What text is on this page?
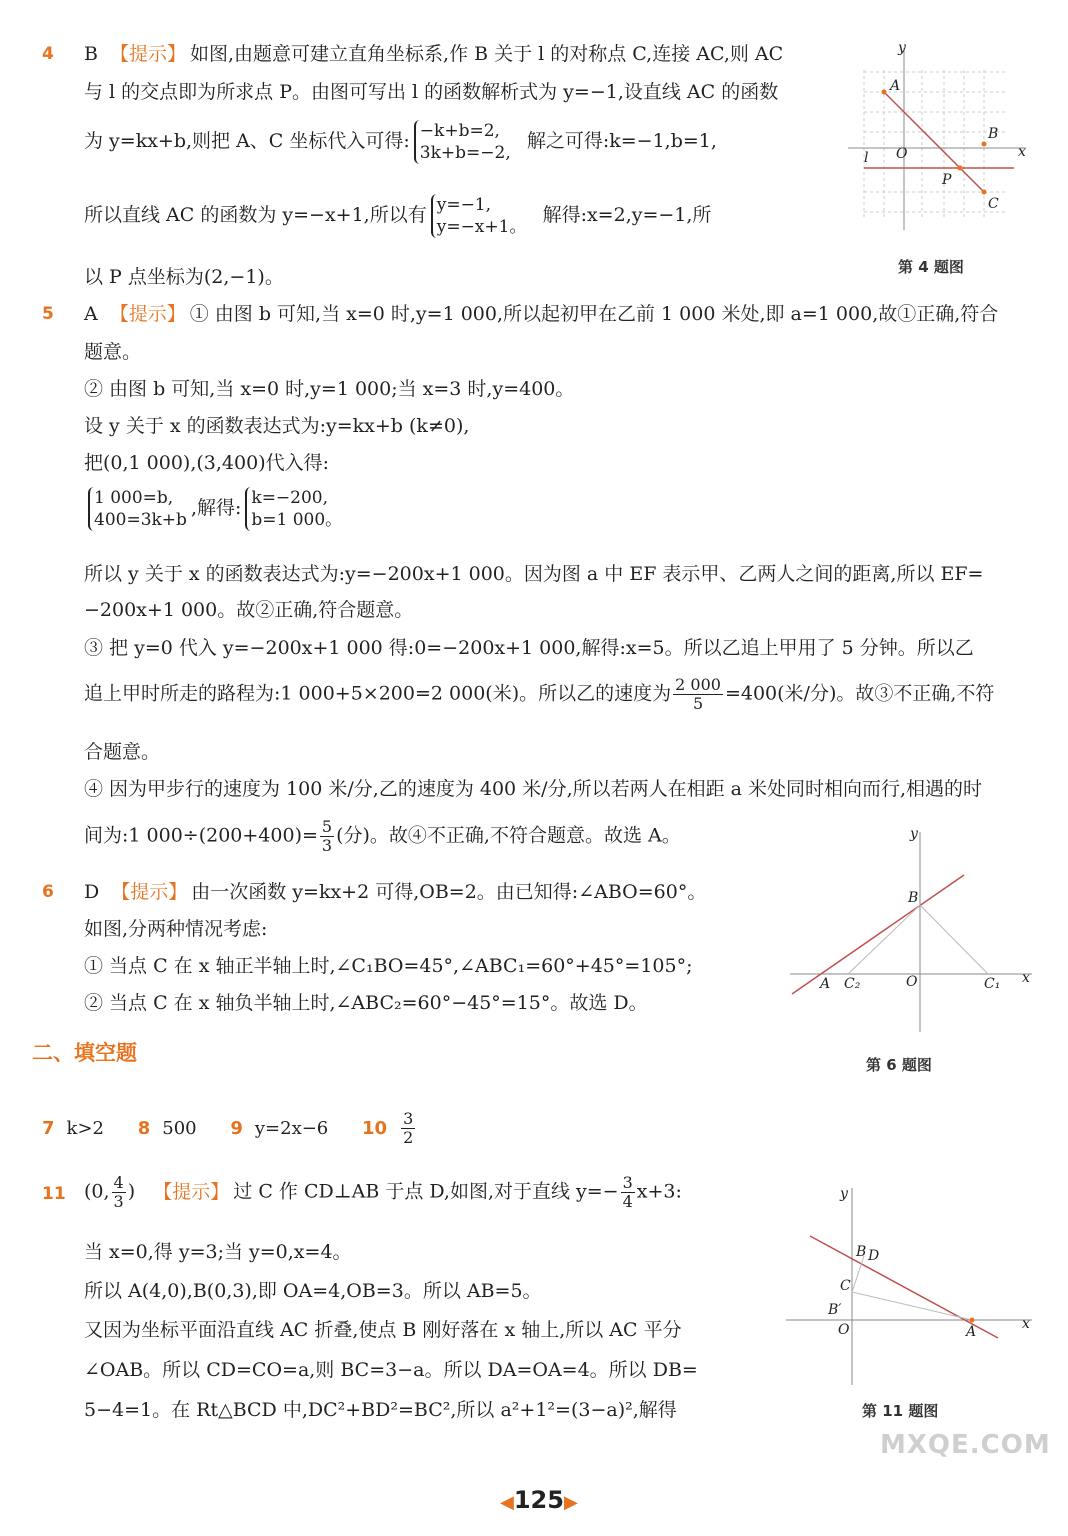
4 B 【提示】 如图,由题意可建立直角坐标系,作 B 关于 l 的对称点 C,连接 AC,则 AC
与 l 的交点即为所求点 P。由图可写出 l 的函数解析式为 y=−1,设直线 AC 的函数
为 y=kx+b,则把 A、C 坐标代入可得: −k+b=2,
3k+b=−2,
解之可得:k=−1,b=1,
所以直线 AC 的函数为 y=−x+1,所以有 y=−1,
y=−x+1。
解得:x=2,y=−1,所
以 P 点坐标为(2,−1)。
y
x
A
B
O
l
P
C
第 4 题图
5 A 【提示】 ① 由图 b 可知,当 x=0 时,y=1 000,所以起初甲在乙前 1 000 米处,即 a=1 000,故①正确,符合
题意。
② 由图 b 可知,当 x=0 时,y=1 000;当 x=3 时,y=400。
设 y 关于 x 的函数表达式为:y=kx+b (k≠0),
把(0,1 000),(3,400)代入得:
1 000=b,
400=3k+b
,解得: k=−200,
b=1 000。
所以 y 关于 x 的函数表达式为:y=−200x+1 000。因为图 a 中 EF 表示甲、乙两人之间的距离,所以 EF=
−200x+1 000。故②正确,符合题意。
③ 把 y=0 代入 y=−200x+1 000 得:0=−200x+1 000,解得:x=5。所以乙追上甲用了 5 分钟。所以乙
追上甲时所走的路程为:1 000+5×200=2 000(米)。所以乙的速度为 $\frac{2 000}{5} =400$(米/分)。故③不正确,不符
合题意。
④ 因为甲步行的速度为 100 米/分,乙的速度为 400 米/分,所以若两人在相距 a 米处同时相向而行,相遇的时
间为:1 $000\div(200+400)= \frac{5}{3}$ (分)。故④不正确,不符合题意。故选 A。
6 D 【提示】 由一次函数 y=kx+2 可得,OB=2。由已知得:∠ABO=60°。
如图,分两种情况考虑:
① 当点 C 在 x 轴正半轴上时,∠C₁BO=45°,∠ABC₁=60°+45°=105°;
② 当点 C 在 x 轴负半轴上时,∠ABC₂=60°−45°=15°。故选 D。
y
x
B
A C₂	O	C₁
第 6 题图
二、填空题
7 k>2 8 500 9 y=2x−6 $10 \frac{3}{2}$
11 (0, $\frac{4}{3}$ ) 【提示】 过 C 作 CD⊥AB 于点 D,如图,对于直线 $y=- \frac{3}{4} x+3$:
当 x=0,得 y=3;当 y=0,x=4。
所以 A(4,0),B(0,3),即 OA=4,OB=3。所以 AB=5。
又因为坐标平面沿直线 AC 折叠,使点 B 刚好落在 x 轴上,所以 AC 平分
∠OAB。所以 CD=CO=a,则 BC=3−a。所以 DA=OA=4。所以 DB=
5−4=1。在 Rt△BCD 中,DC²+BD²=BC²,所以 a²+1²=(3−a)²,解得
y
x
B D
C
B′
O	A
第 11 题图
◀125▶
MXQE.COM
